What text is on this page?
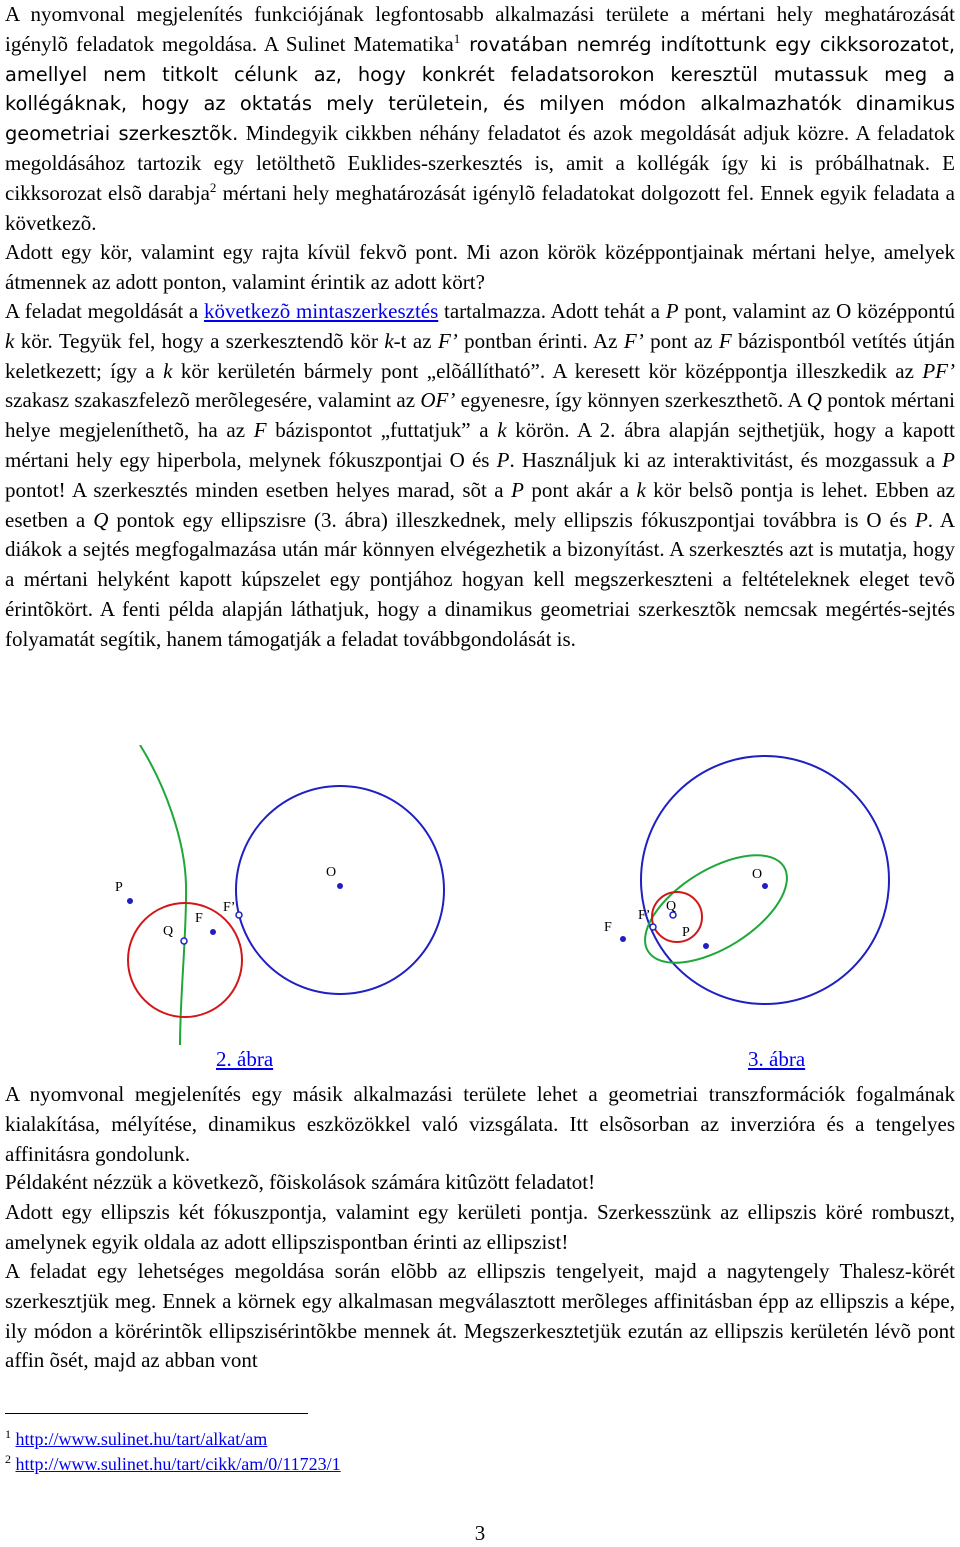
A nyomvonal megjelenítés funkciójának legfontosabb alkalmazási területe a mértani hely meghatározását igénylõ feladatok megoldása. A Sulinet Matematika$^1$ rovatában nemrég indítottunk egy cikksorozatot, amellyel nem titkolt célunk az, hogy konkrét feladatsorokon keresztül mutassuk meg a kollégáknak, hogy az oktatás mely területein, és milyen módon alkalmazhatók dinamikus geometriai szerkesztõk. Mindegyik cikkben néhány feladatot és azok megoldását adjuk közre. A feladatok megoldásához tartozik egy letölthetõ Euklides-szerkesztés is, amit a kollégák így ki is próbálhatnak. E cikksorozat elsõ darabja$^2$ mértani hely meghatározását igénylõ feladatokat dolgozott fel. Ennek egyik feladata a következõ.

Adott egy kör, valamint egy rajta kívül fekvõ pont. Mi azon körök középpontjainak mértani helye, amelyek átmennek az adott ponton, valamint érintik az adott kört?

A feladat megoldását a következõ mintaszerkesztés tartalmazza. Adott tehát a P pont, valamint az O középpontú k kör. Tegyük fel, hogy a szerkesztendõ kör k-t az F’ pontban érinti. Az F’ pont az F bázispontból vetítés útján keletkezett; így a k kör kerületén bármely pont „elõállítható”. A keresett kör középpontja illeszkedik az PF’ szakasz szakaszfelezõ merõlegesére, valamint az OF’ egyenesre, így könnyen szerkeszthetõ. A Q pontok mértani helye megjeleníthetõ, ha az F bázispontot „futtatjuk” a k körön. A 2. ábra alapján sejthetjük, hogy a kapott mértani hely egy hiperbola, melynek fókuszpontjai O és P. Használjuk ki az interaktivitást, és mozgassuk a P pontot! A szerkesztés minden esetben helyes marad, sõt a P pont akár a k kör belsõ pontja is lehet. Ebben az esetben a Q pontok egy ellipszisre (3. ábra) illeszkednek, mely ellipszis fókuszpontjai továbbra is O és P. A diákok a sejtés megfogalmazása után már könnyen elvégezhetik a bizonyítást. A szerkesztés azt is mutatja, hogy a mértani helyként kapott kúpszelet egy pontjához hogyan kell megszerkeszteni a feltételeknek eleget tevõ érintõkört. A fenti példa alapján láthatjuk, hogy a dinamikus geometriai szerkesztõk nemcsak megértés-sejtés folyamatát segítik, hanem támogatják a feladat továbbgondolását is.

P
Q
F
F’
O
F
F’
Q
P
O
2. ábra	3. ábra

A nyomvonal megjelenítés egy másik alkalmazási területe lehet a geometriai transzformációk fogalmának kialakítása, mélyítése, dinamikus eszközökkel való vizsgálata. Itt elsõsorban az inverzióra és a tengelyes affinitásra gondolunk.

Példaként nézzük a következõ, fõiskolások számára kitûzött feladatot!

Adott egy ellipszis két fókuszpontja, valamint egy kerületi pontja. Szerkesszünk az ellipszis köré rombuszt, amelynek egyik oldala az adott ellipszispontban érinti az ellipszist!

A feladat egy lehetséges megoldása során elõbb az ellipszis tengelyeit, majd a nagytengely Thalesz-körét szerkesztjük meg. Ennek a körnek egy alkalmasan megválasztott merõleges affinitásban épp az ellipszis a képe, ily módon a körérintõk ellipszisérintõkbe mennek át. Megszerkesztetjük ezután az ellipszis kerületén lévõ pont affin õsét, majd az abban vont

$^1$ http://www.sulinet.hu/tart/alkat/am
$^2$ http://www.sulinet.hu/tart/cikk/am/0/11723/1
3
